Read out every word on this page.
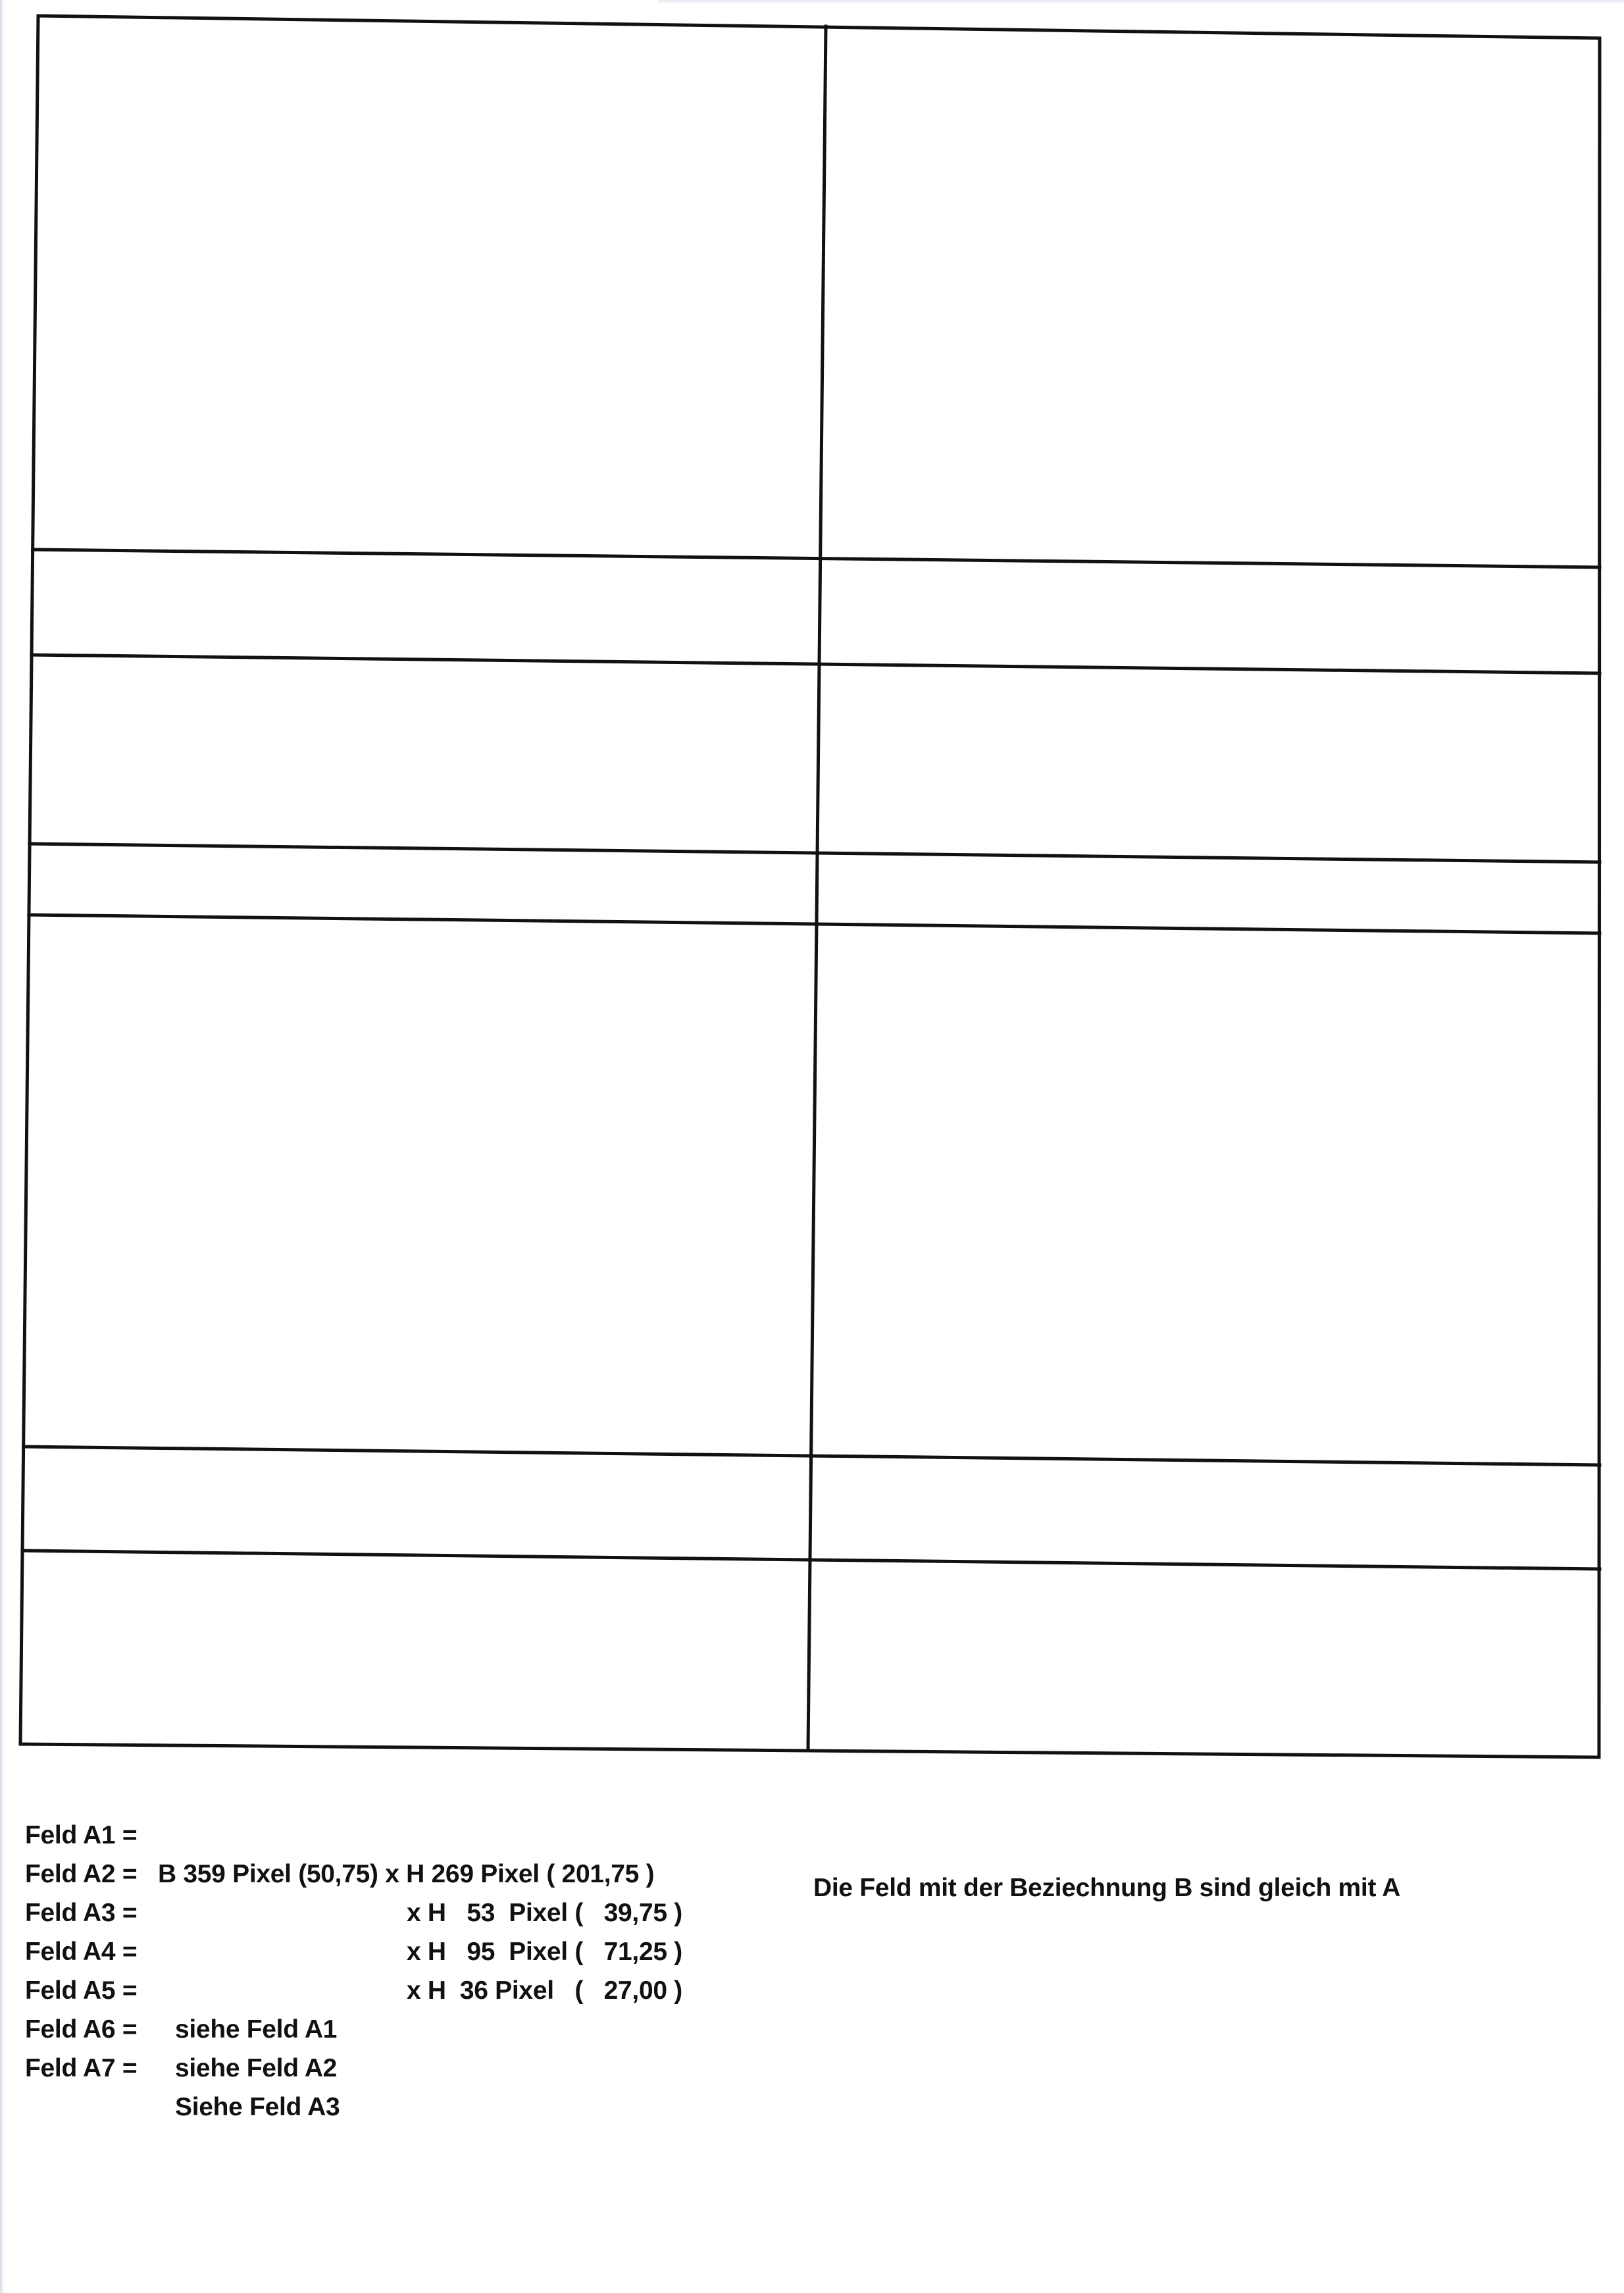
Feld A1 =

B 359 Pixel (50,75) x H 269 Pixel ( 201,75 )

Feld A2 =

x H   53  Pixel (   39,75 )

Feld A3 =

x H   95  Pixel (   71,25 )

Feld A4 =

x H  36 Pixel   (   27,00 )

Feld A5 =

siehe Feld A1

Feld A6 =

siehe Feld A2

Feld A7 =

Siehe Feld A3

Die Feld mit der Beziechnung B sind gleich mit A
